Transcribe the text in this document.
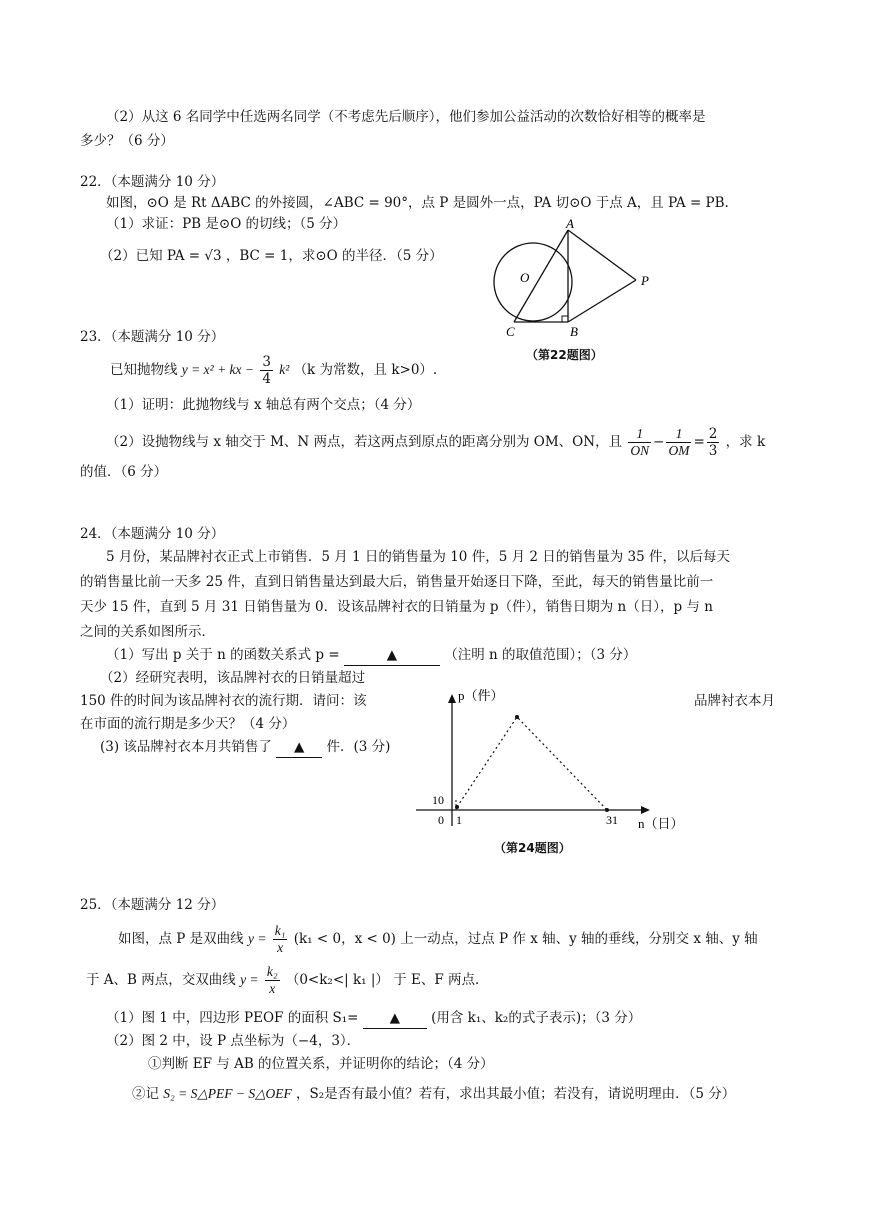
（2）从这 6 名同学中任选两名同学（不考虑先后顺序），他们参加公益活动的次数恰好相等的概率是
多少？（6 分）
22．（本题满分 10 分）
如图，⊙O 是 Rt ΔABC 的外接圆，∠ABC = 90°，点 P 是圆外一点，PA 切⊙O 于点 A，且 PA = PB.
（1）求证：PB 是⊙O 的切线；（5 分）
（2）已知 PA = √3 ，BC = 1，求⊙O 的半径．（5 分）
A
O	P
C	B
（第22题图）
23．（本题满分 10 分）
已知抛物线 y = x² + kx − $\frac{3}{4} k^2$ （k 为常数，且 k>0）.
（1）证明：此抛物线与 x 轴总有两个交点；（4 分）
（2）设抛物线与 x 轴交于 M、N 两点，若这两点到原点的距离分别为 OM、ON，且 $\frac{1}{ON} - \frac{1}{OM} = \frac{2}{3}$ ，求 k
的值．（6 分）
24．（本题满分 10 分）
5 月份，某品牌衬衣正式上市销售．5 月 1 日的销售量为 10 件，5 月 2 日的销售量为 35 件，以后每天
的销售量比前一天多 25 件，直到日销售量达到最大后，销售量开始逐日下降，至此，每天的销售量比前一
天少 15 件，直到 5 月 31 日销售量为 0．设该品牌衬衣的日销量为 p（件），销售日期为 n（日），p 与 n
之间的关系如图所示．
（1）写出 p 关于 n 的函数关系式 p =	▲	（注明 n 的取值范围）；（3 分）
（2）经研究表明，该品牌衬衣的日销量超过
150 件的时间为该品牌衬衣的流行期．请问：该	品牌衬衣本月
在市面的流行期是多少天？（4 分）
(3) 该品牌衬衣本月共销售了 ▲ 件．(3 分)
p（件）
n（日）
0 1	31
10
（第24题图）
25．（本题满分 12 分）
如图，点 P 是双曲线 $y = \frac{\text{k₁}}{x} (k_1 < 0$，x < 0) 上一动点，过点 P 作 x 轴、y 轴的垂线，分别交 x 轴、y 轴
于 A、B 两点，交双曲线 $y = \frac{\text{k₂}}{x} (0<k_2<|$ k₁ |） 于 E、F 两点．
（1）图 1 中，四边形 PEOF 的面积 S₁= ▲ (用含 k₁、k₂的式子表示)；（3 分）
（2）图 2 中，设 P 点坐标为（−4，3）．
①判断 EF 与 AB 的位置关系，并证明你的结论；（4 分）
②记 S₂ = S△PEF − S△OEF ，S₂是否有最小值？若有，求出其最小值；若没有，请说明理由．（5 分）
